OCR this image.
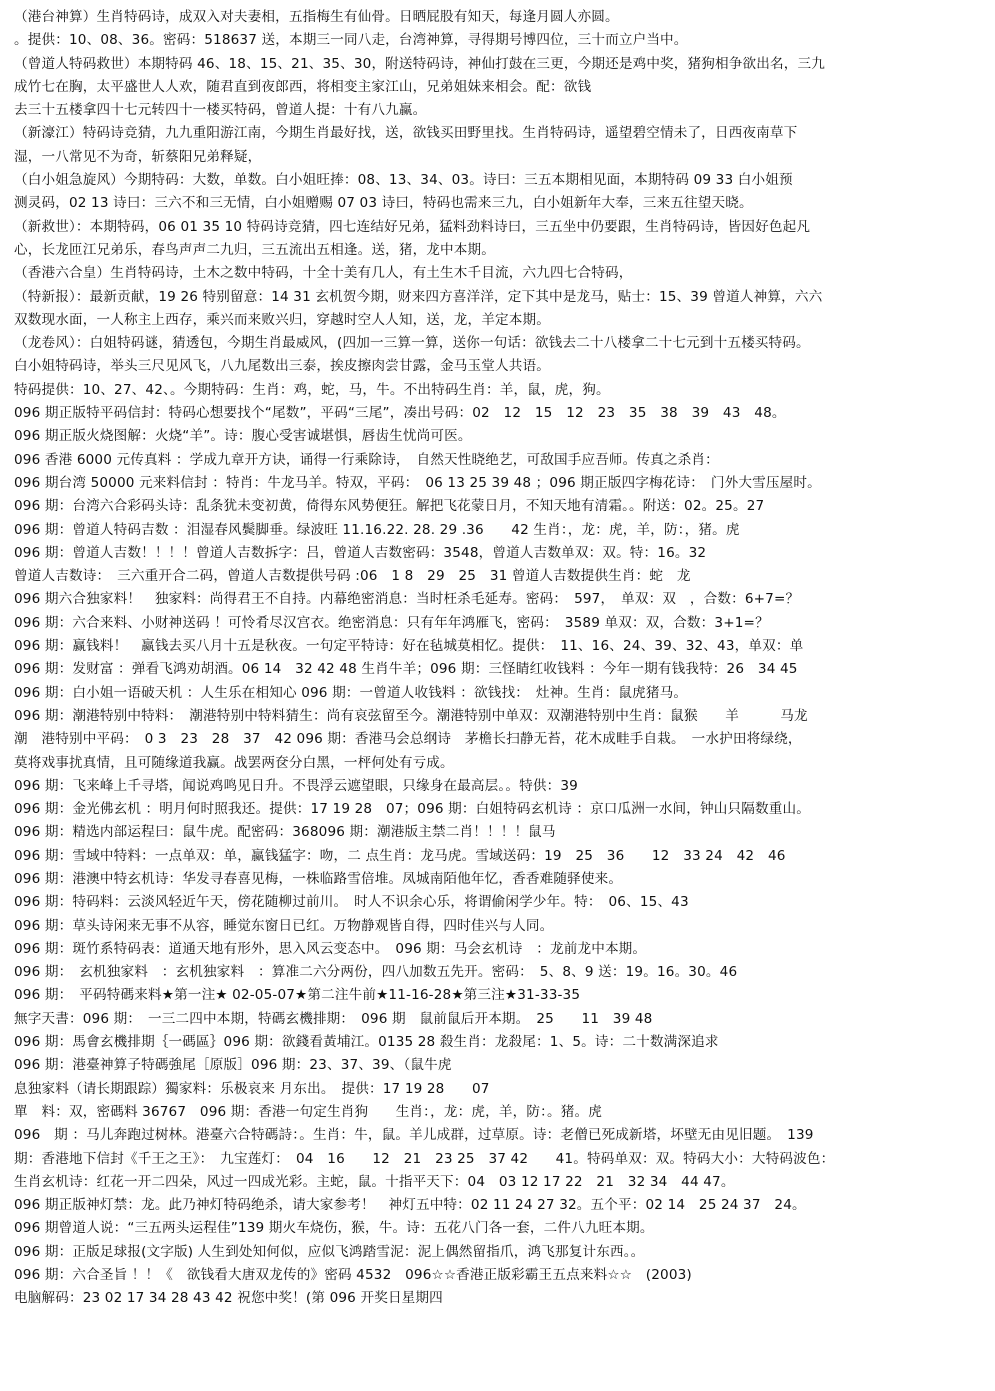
（港台神算）生肖特码诗，成双入对夫妻相，五指梅生有仙骨。日晒屁股有知天，每逢月圆人亦圆。
。提供：10、08、36。密码：518637 送，本期三一同八走，台湾神算，寻得期号博四位，三十而立户当中。
（曾道人特码救世）本期特码 46、18、15、21、35、30，附送特码诗，神仙打鼓在三更，今期还是鸡中奖，猪狗相争欲出名，三九
成竹七在胸，太平盛世人人欢，随君直到夜郎西，将相变主家江山，兄弟姐妹来相会。配：欲钱
去三十五楼拿四十七元转四十一楼买特码，曾道人提：十有八九赢。
（新濠江）特码诗竞猜，九九重阳游江南，今期生肖最好找，送，欲钱买田野里找。生肖特码诗，遥望碧空情未了，日西夜南草下
湿，一八常见不为奇，斩蔡阳兄弟释疑，
（白小姐急旋风）今期特码：大数，单数。白小姐旺捧：08、13、34、03。诗曰：三五本期相见面，本期特码 09 33 白小姐预
测灵码，02 13 诗曰：三六不和三无情，白小姐赠赐 07 03 诗曰，特码也需来三九，白小姐新年大奉，三来五往望天晓。
（新救世）：本期特码，06 01 35 10 特码诗竞猜，四七连结好兄弟，猛料劲料诗曰，三五坐中仍要跟，生肖特码诗，皆因好色起凡
心，长龙匝江兄弟乐，春鸟声声二九归，三五流出五相逢。送，猪，龙中本期。
（香港六合皇）生肖特码诗，土木之数中特码，十全十美有几人，有土生木千目流，六九四七合特码，
（特新报）：最新贡献，19 26 特别留意：14 31 玄机贺今期，财来四方喜洋洋，定下其中是龙马，贴士：15、39 曾道人神算，六六
双数现水面，一人称主上西存，乘兴而来败兴归，穿越时空人人知，送，龙，羊定本期。
（龙卷风）：白姐特码谜，猜透包，今期生肖最威风，(四加一三算一算，送你一句话：欲钱去二十八楼拿二十七元到十五楼买特码。
白小姐特码诗，举头三尺见风飞，八九尾数出三泰，挨皮擦肉尝甘露，金马玉堂人共语。
特码提供：10、27、42、。今期特码：生肖：鸡，蛇，马，牛。不出特码生肖：羊，鼠，虎，狗。
096 期正版特平码信封：特码心想要找个“尾数”，平码“三尾”，凑出号码：02　12　15　12　23　35　38　39　43　48。
096 期正版火烧图解：火烧“羊”。诗：腹心受害诚堪惧，唇齿生忧尚可医。
096 香港 6000 元传真料 ：学成九章开方诀，诵得一行乘除诗，　自然天性晓绝艺，可敌国手应吾师。传真之杀肖：
096 期台湾 50000 元来料信封 ：特肖：牛龙马羊。特双，平码：　06 13 25 39 48 ；096 期正版四字梅花诗：　门外大雪压屋时。
096 期：台湾六合彩码头诗：乱条犹未变初黄，倚得东风势便狂。解把飞花蒙日月，不知天地有清霜。。附送：02。25。27
096 期：曾道人特码吉数 ：泪湿春风鬓脚垂。绿波旺 11.16.22. 28. 29 .36　　42 生肖：，龙：虎，羊，防：，猪。虎
096 期：曾道人吉数！！！！曾道人吉数拆字：吕，曾道人吉数密码：3548，曾道人吉数单双：双。特：16。32
曾道人吉数诗：　三六重开合二码，曾道人吉数提供号码 :06　1 8　29　25　31 曾道人吉数提供生肖：蛇　龙
096 期六合独家料！　独家料：尚得君王不自持。内幕绝密消息：当时枉杀毛延寿。密码：　597，　单双：双　，合数：6+7=？
096 期：六合来料、小财神送码 ！可怜肴尽汉宫衣。绝密消息：只有年年鸿雁飞，密码：　3589 单双：双，合数：3+1=？
096 期：赢钱料！　赢钱去买八月十五是秋夜。一句定平特诗：好在毡城莫相忆。提供：　11、16、24、39、32、43，单双：单
096 期：发财富 ：弹看飞鸿劝胡酒。06 14　32 42 48 生肖牛羊；096 期：三怪睛红收钱料 ：今年一期有钱我特：26　34 45
096 期：白小姐一语破天机 ：人生乐在相知心 096 期：一曾道人收钱料 ：欲钱找：　灶神。生肖：鼠虎猪马。
096 期：潮港特别中特料：　潮港特别中特料猜生：尚有哀弦留至今。潮港特别中单双：双潮港特别中生肖：鼠猴　　羊　　　马龙
潮　港特别中平码：　0 3　23　28　37　42 096 期：香港马会总纲诗　茅檐长扫静无苔，花木成畦手自栽。　一水护田将绿绕，
莫将戏事扰真情，且可随缘道我赢。战罢两奁分白黑，一枰何处有亏成。
096 期：飞来峰上千寻塔，闻说鸡鸣见日升。不畏浮云遮望眼，只缘身在最高层。。特供：39
096 期：金光佛玄机 ：明月何时照我还。提供：17 19 28　07；096 期：白姐特码玄机诗 ：京口瓜洲一水间，钟山只隔数重山。
096 期：精选内部运程曰：鼠牛虎。配密码：368096 期：潮港版主禁二肖！！！！鼠马
096 期：雪域中特料：一点单双：单，赢钱猛字：吻，二 点生肖：龙马虎。雪域送码：19　25　36　　12　33 24　42　46
096 期：港澳中特玄机诗：华发寻春喜见梅，一株临路雪倍堆。凤城南陌他年忆，香香难随驿使来。
096 期：特码料：云淡风轻近午天，傍花随柳过前川。　时人不识余心乐，将谓偷闲学少年。特：　06、15、43
096 期：草头诗闲来无事不从容，睡觉东窗日已红。万物静观皆自得，四时佳兴与人同。
096 期：斑竹系特码表：道通天地有形外，思入风云变态中。　096 期：马会玄机诗　：龙前龙中本期。
096 期：　玄机独家料　：玄机独家料　：算准二六分两份，四八加数五先开。密码：　5、8、9 送：19。16。30。46
096 期：　平码特碼来料★第一注★ 02-05-07★第二注牛前★11-16-28★第三注★31-33-35
無字天書：096 期：　一三二四中本期，特碼玄機排期：　096 期　鼠前鼠后开本期。　25　　11　39 48
096 期：馬會玄機排期｛一碼區｝096 期：欲錢看黃埔江。0135 28 殺生肖：龙殺尾：1、5。诗：二十数满深追求
096 期：港臺神算子特碼強尾［原版］096 期：23、37、39、（鼠牛虎
息独家料（请长期跟踪）獨家料：乐极哀来 月东出。　提供：17 19 28　　07
單　料：双，密碼料 36767　096 期：香港一句定生肖狗　　生肖：，龙：虎，羊，防：。猪。虎
096　期 ：马儿奔跑过树林。港臺六合特碼詩：。生肖：牛，鼠。羊儿成群，过草原。诗：老僧已死成新塔，坏壁无由见旧题。　139
期：香港地下信封《千王之王》：　九宝莲灯：　04　16　　12　21　23 25　37 42　　41。特码单双：双。特码大小：大特码波色：
生肖玄机诗：红花一开二四朵，风过一四成光彩。主蛇，鼠。十指平天下：04　03 12 17 22　21　32 34　44 47。
096 期正版神灯禁：龙。此乃神灯特码绝杀，请大家参考！　神灯五中特：02 11 24 27 32。五个平：02 14　25 24 37　24。
096 期曾道人说：“三五两头运程佳”139 期火车烧伤，猴，牛。诗：五花八门各一套，二件八九旺本期。
096 期：正版足球报(文字版) 人生到处知何似，应似飞鸿踏雪泥：泥上偶然留指爪，鸿飞那复计东西。。
096 期：六合圣旨 ！！《　欲钱看大唐双龙传的》密码 4532　096☆☆香港正版彩霸王五点来料☆☆　(2003)
电脑解码：23 02 17 34 28 43 42 祝您中奖！(第 096 开奖日星期四
